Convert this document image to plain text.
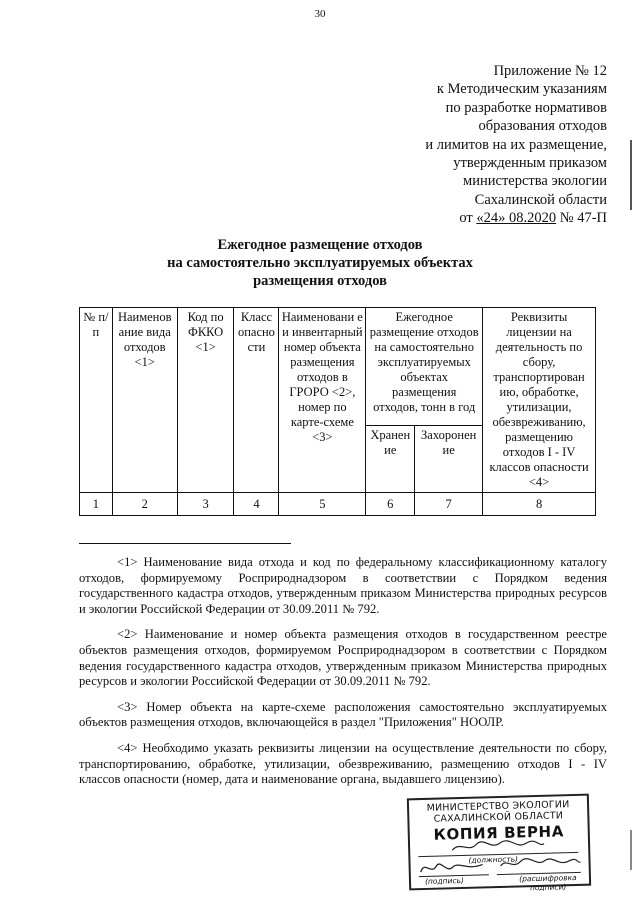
30
Приложение № 12
к Методическим указаниям
по разработке нормативов
образования отходов
и лимитов на их размещение,
утвержденным приказом
министерства экологии
Сахалинской области
от «24» 08.2020 № 47-П
Ежегодное размещение отходов
на самостоятельно эксплуатируемых объектах
размещения отходов
№ п/п	Наименов ание вида отходов <1>	Код по ФККО <1>	Класс опасно сти	Наименовани е и инвентарный номер объекта размещения отходов в ГРОРО <2>, номер по карте-схеме <3>	Ежегодное размещение отходов на самостоятельно эксплуатируемых объектах размещения отходов, тонн в год		Реквизиты лицензии на деятельность по сбору, транспортирован ию, обработке, утилизации, обезвреживанию, размещению отходов I - IV классов опасности <4>
					Хранен ие	Захоронен ие	
1	2	3	4	5	6	7	8

<1> Наименование вида отхода и код по федеральному классификационному каталогу отходов, формируемому Росприроднадзором в соответствии с Порядком ведения государственного кадастра отходов, утвержденным приказом Министерства природных ресурсов и экологии Российской Федерации от 30.09.2011 № 792.

<2> Наименование и номер объекта размещения отходов в государственном реестре объектов размещения отходов, формируемом Росприроднадзором в соответствии с Порядком ведения государственного кадастра отходов, утвержденным приказом Министерства природных ресурсов и экологии Российской Федерации от 30.09.2011 № 792.

<3> Номер объекта на карте-схеме расположения самостоятельно эксплуатируемых объектов размещения отходов, включающейся в раздел "Приложения" НООЛР.

<4> Необходимо указать реквизиты лицензии на осуществление деятельности по сбору, транспортированию, обработке, утилизации, обезвреживанию, размещению отходов I - IV классов опасности (номер, дата и наименование органа, выдавшего лицензию).

МИНИСТЕРСТВО ЭКОЛОГИИ
САХАЛИНСКОЙ ОБЛАСТИ
КОПИЯ ВЕРНА
(должность)
(подпись)	(расшифровка подписи)
